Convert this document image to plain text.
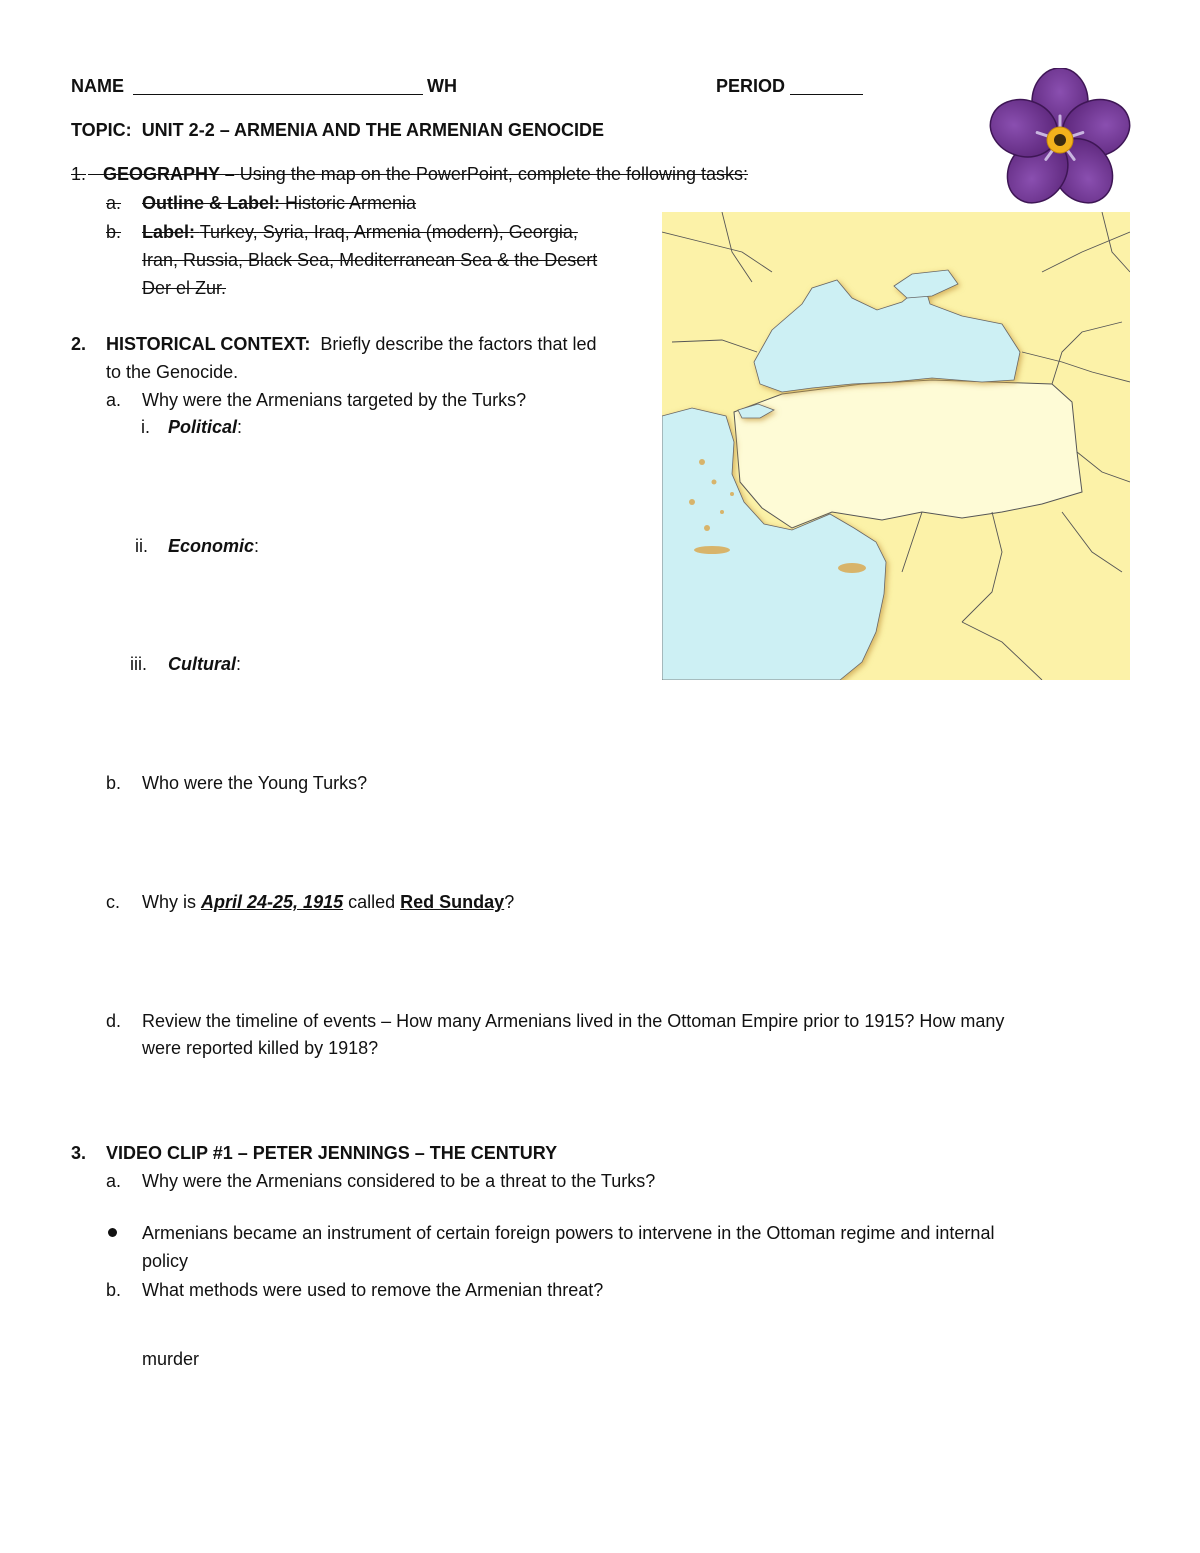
NAME	WH	PERIOD
TOPIC: UNIT 2-2 – ARMENIA AND THE ARMENIAN GENOCIDE
1. GEOGRAPHY – Using the map on the PowerPoint, complete the following tasks:
a. Outline & Label: Historic Armenia
b. Label: Turkey, Syria, Iraq, Armenia (modern), Georgia,
Iran, Russia, Black Sea, Mediterranean Sea & the Desert
Der el Zur.
2. HISTORICAL CONTEXT: Briefly describe the factors that led
to the Genocide.
a. Why were the Armenians targeted by the Turks?
i. Political:
ii. Economic:
iii. Cultural:
b. Who were the Young Turks?
c. Why is April 24-25, 1915 called Red Sunday?
d. Review the timeline of events – How many Armenians lived in the Ottoman Empire prior to 1915? How many
were reported killed by 1918?
3. VIDEO CLIP #1 – PETER JENNINGS – THE CENTURY
a. Why were the Armenians considered to be a threat to the Turks?
Armenians became an instrument of certain foreign powers to intervene in the Ottoman regime and internal
policy
b. What methods were used to remove the Armenian threat?
murder
